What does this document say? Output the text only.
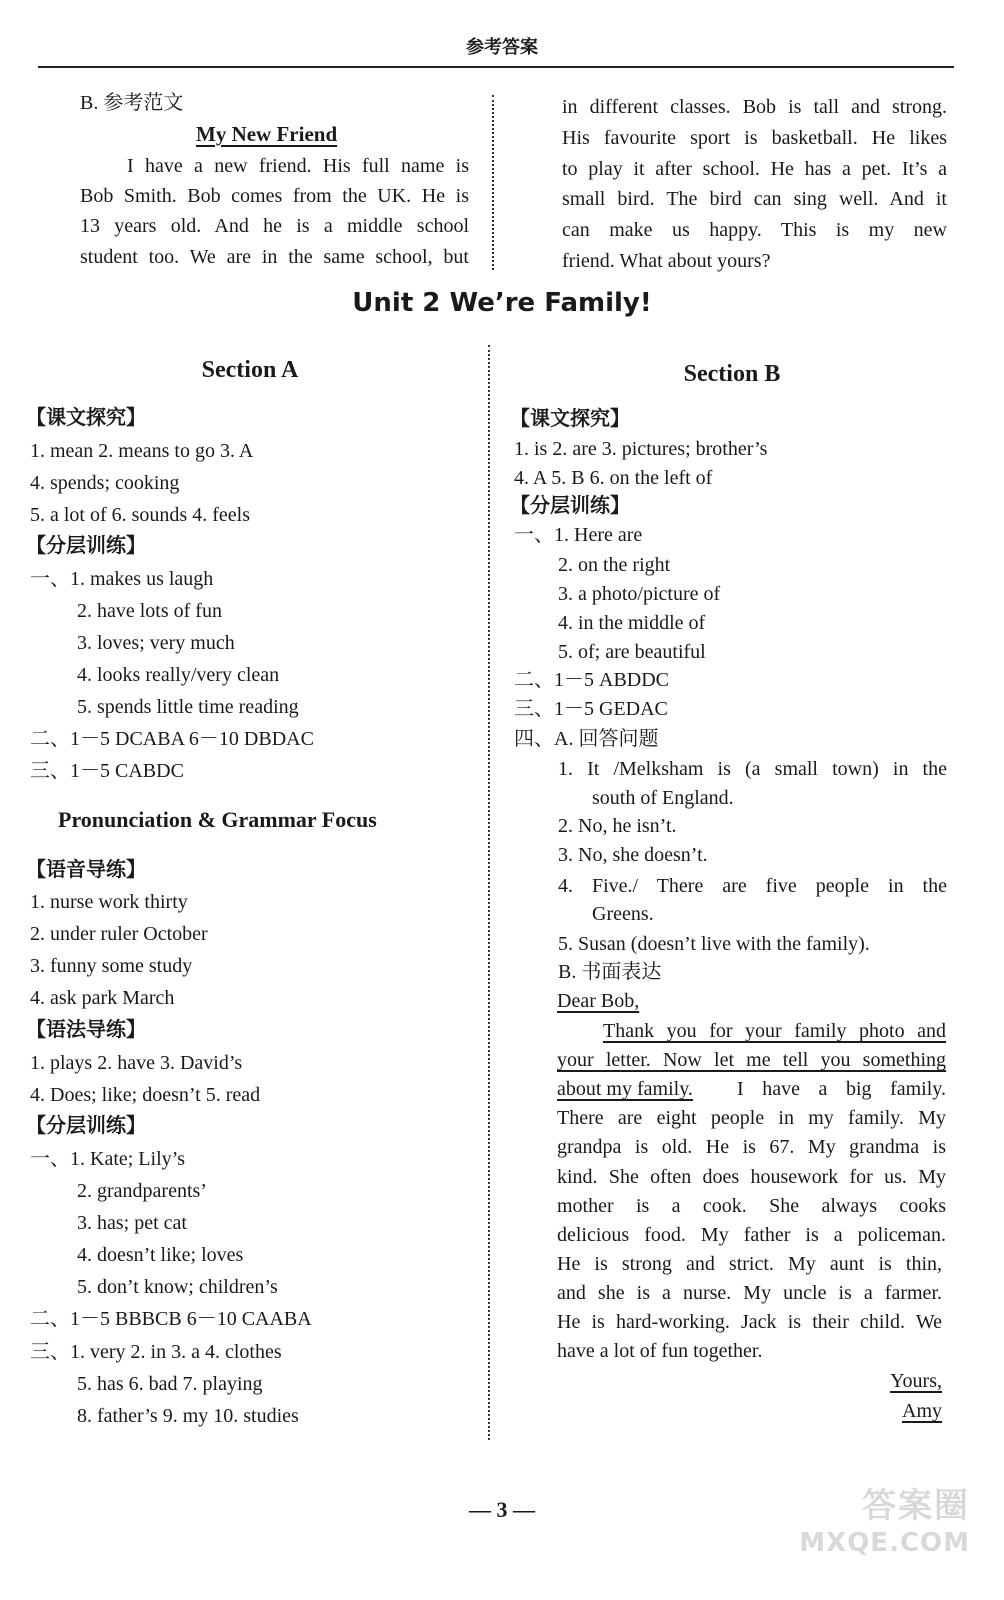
参考答案
B. 参考范文
My New Friend
I have a new friend. His full name is
Bob Smith. Bob comes from the UK. He is
13 years old. And he is a middle school
student too. We are in the same school, but
in different classes. Bob is tall and strong.
His favourite sport is basketball. He likes
to play it after school. He has a pet. It’s a
small bird. The bird can sing well. And it
can make us happy. This is my new
friend. What about yours?
Unit 2 We’re Family!
Section A
【课文探究】
1. mean 2. means to go 3. A
4. spends; cooking
5. a lot of 6. sounds 4. feels
【分层训练】
一、1. makes us laugh
2. have lots of fun
3. loves; very much
4. looks really/very clean
5. spends little time reading
二、1－5 DCABA 6－10 DBDAC
三、1－5 CABDC
Pronunciation & Grammar Focus
【语音导练】
1. nurse work thirty
2. under ruler October
3. funny some study
4. ask park March
【语法导练】
1. plays 2. have 3. David’s
4. Does; like; doesn’t 5. read
【分层训练】
一、1. Kate; Lily’s
2. grandparents’
3. has; pet cat
4. doesn’t like; loves
5. don’t know; children’s
二、1－5 BBBCB 6－10 CAABA
三、1. very 2. in 3. a 4. clothes
5. has 6. bad 7. playing
8. father’s 9. my 10. studies
Section B
【课文探究】
1. is 2. are 3. pictures; brother’s
4. A 5. B 6. on the left of
【分层训练】
一、1. Here are
2. on the right
3. a photo/picture of
4. in the middle of
5. of; are beautiful
二、1－5 ABDDC
三、1－5 GEDAC
四、A. 回答问题
1. It /Melksham is (a small town) in the
south of England.
2. No, he isn’t.
3. No, she doesn’t.
4. Five./ There are five people in the
Greens.
5. Susan (doesn’t live with the family).
B. 书面表达
Dear Bob,
Thank you for your family photo and
your letter. Now let me tell you something
about my family. I have a big family.
There are eight people in my family. My
grandpa is old. He is 67. My grandma is
kind. She often does housework for us. My
mother is a cook. She always cooks
delicious food. My father is a policeman.
He is strong and strict. My aunt is thin,
and she is a nurse. My uncle is a farmer.
He is hard-working. Jack is their child. We
have a lot of fun together.
Yours,
Amy
— 3 —	答案圈
MXQE.COM
